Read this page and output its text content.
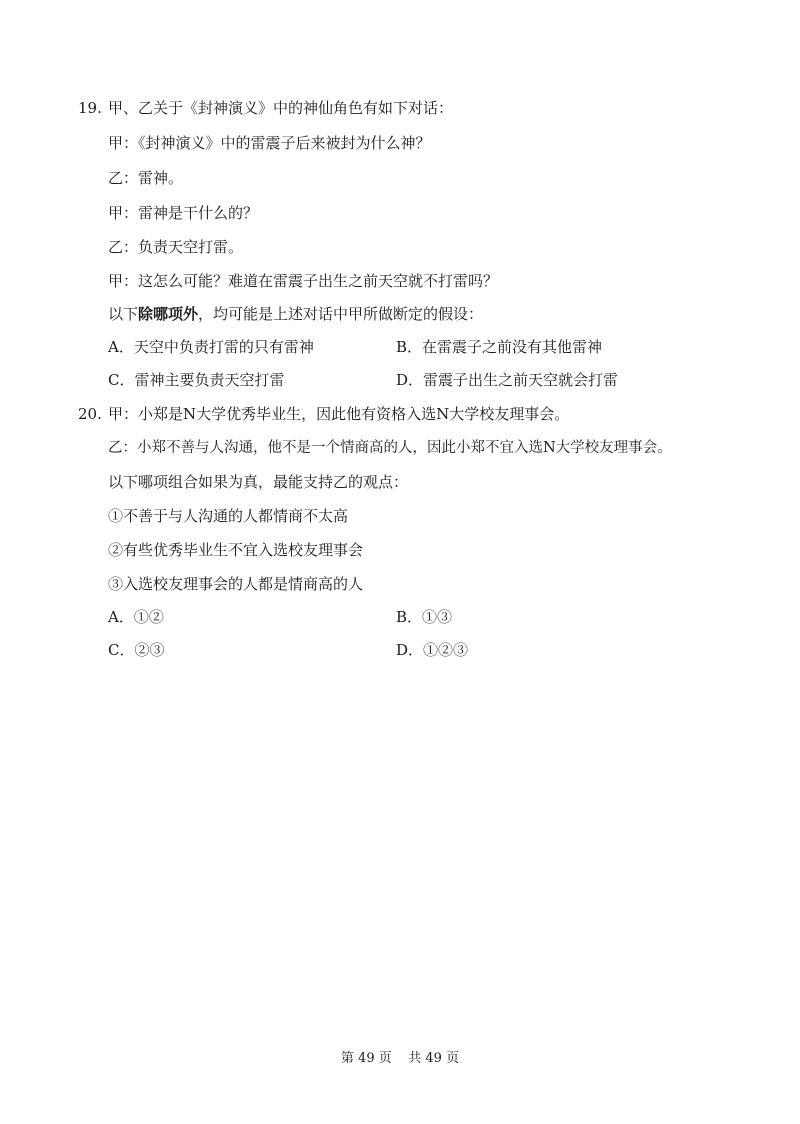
19. 甲、乙关于《封神演义》中的神仙角色有如下对话：
甲：《封神演义》中的雷震子后来被封为什么神？
乙：雷神。
甲：雷神是干什么的？
乙：负责天空打雷。
甲：这怎么可能？难道在雷震子出生之前天空就不打雷吗？
以下除哪项外，均可能是上述对话中甲所做断定的假设：
A．天空中负责打雷的只有雷神	B．在雷震子之前没有其他雷神
C．雷神主要负责天空打雷	D．雷震子出生之前天空就会打雷
20. 甲：小郑是N大学优秀毕业生，因此他有资格入选N大学校友理事会。
乙：小郑不善与人沟通，他不是一个情商高的人，因此小郑不宜入选N大学校友理事会。
以下哪项组合如果为真，最能支持乙的观点：
①不善于与人沟通的人都情商不太高
②有些优秀毕业生不宜入选校友理事会
③入选校友理事会的人都是情商高的人
A．①②	B．①③
C．②③	D．①②③
第 49 页    共 49 页
